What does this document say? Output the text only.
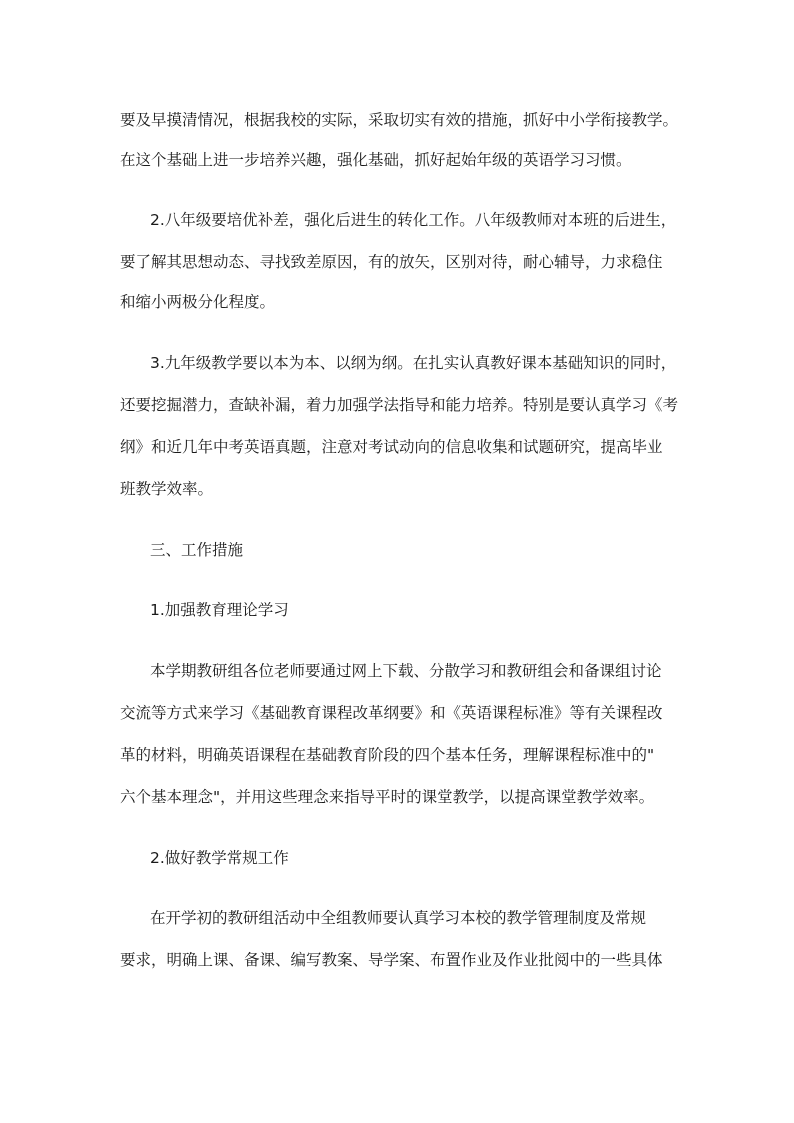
要及早摸清情况，根据我校的实际，采取切实有效的措施，抓好中小学衔接教学。
在这个基础上进一步培养兴趣，强化基础，抓好起始年级的英语学习习惯。
2.八年级要培优补差，强化后进生的转化工作。八年级教师对本班的后进生，
要了解其思想动态、寻找致差原因，有的放矢，区别对待，耐心辅导，力求稳住
和缩小两极分化程度。
3.九年级教学要以本为本、以纲为纲。在扎实认真教好课本基础知识的同时，
还要挖掘潜力，查缺补漏，着力加强学法指导和能力培养。特别是要认真学习《考
纲》和近几年中考英语真题，注意对考试动向的信息收集和试题研究，提高毕业
班教学效率。
三、工作措施
1.加强教育理论学习
本学期教研组各位老师要通过网上下载、分散学习和教研组会和备课组讨论
交流等方式来学习《基础教育课程改革纲要》和《英语课程标准》等有关课程改
革的材料，明确英语课程在基础教育阶段的四个基本任务，理解课程标准中的"
六个基本理念"，并用这些理念来指导平时的课堂教学，以提高课堂教学效率。
2.做好教学常规工作
在开学初的教研组活动中全组教师要认真学习本校的教学管理制度及常规
要求，明确上课、备课、编写教案、导学案、布置作业及作业批阅中的一些具体
